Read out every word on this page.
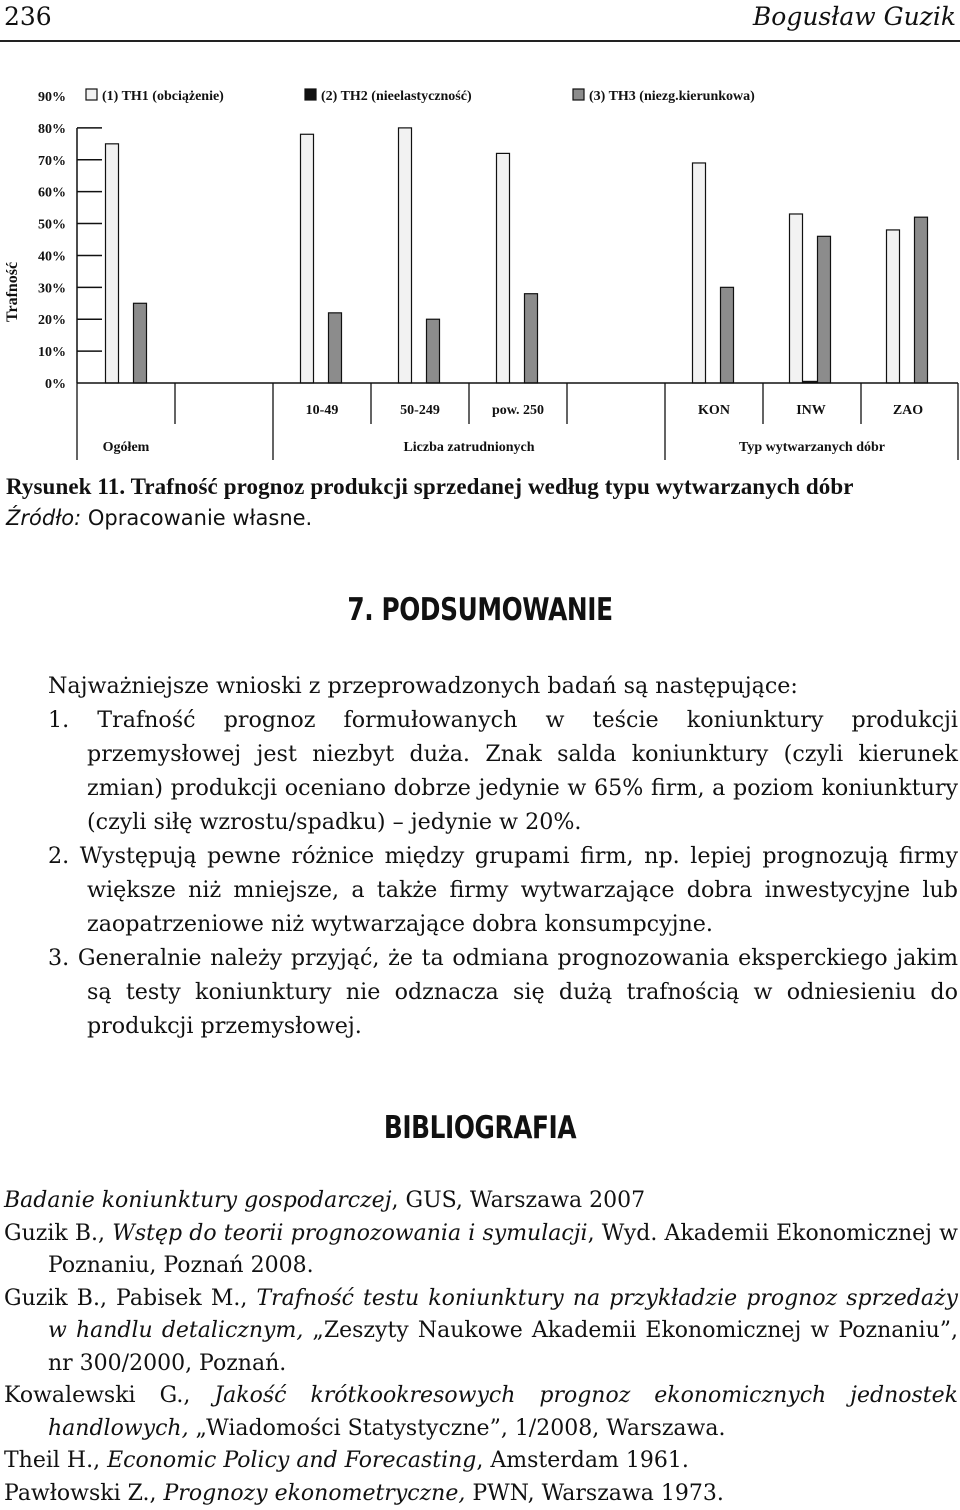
236	Bogusław Guzik
0%
10%
20%
30%
40%
50%
60%
70%
80%
90%	(1) TH1 (obciążenie)	(2) TH2 (nieelastyczność)	(3) TH3 (niezg.kierunkowa)
10-49	50-249	pow. 250	KON	INW	ZAO
Ogółem	Liczba zatrudnionych	Typ wytwarzanych dóbr
Trafność
Rysunek 11. Trafność prognoz produkcji sprzedanej według typu wytwarzanych dóbr
Źródło: Opracowanie własne.
7. PODSUMOWANIE
Najważniejsze wnioski z przeprowadzonych badań są następujące:

1. Trafność prognoz formułowanych w teście koniunktury produkcji przemysłowej jest niezbyt duża. Znak salda koniunktury (czyli kierunek zmian) produkcji oceniano dobrze jedynie w 65% firm, a poziom koniunktury (czyli siłę wzrostu/spadku) – jedynie w 20%.

2. Występują pewne różnice między grupami firm, np. lepiej prognozują firmy większe niż mniejsze, a także firmy wytwarzające dobra inwestycyjne lub zaopatrzeniowe niż wytwarzające dobra konsumpcyjne.

3. Generalnie należy przyjąć, że ta odmiana prognozowania eksperckiego jakim są testy koniunktury nie odznacza się dużą trafnością w odniesieniu do produkcji przemysłowej.

BIBLIOGRAFIA

Badanie koniunktury gospodarczej, GUS, Warszawa 2007

Guzik B., Wstęp do teorii prognozowania i symulacji, Wyd. Akademii Ekonomicznej w Poznaniu, Poznań 2008.

Guzik B., Pabisek M., Trafność testu koniunktury na przykładzie prognoz sprzedaży w handlu detalicznym, „Zeszyty Naukowe Akademii Ekonomicznej w Poznaniu”, nr 300/2000, Poznań.

Kowalewski G., Jakość krótkookresowych prognoz ekonomicznych jednostek handlowych, „Wiadomości Statystyczne”, 1/2008, Warszawa.

Theil H., Economic Policy and Forecasting, Amsterdam 1961.

Pawłowski Z., Prognozy ekonometryczne, PWN, Warszawa 1973.
